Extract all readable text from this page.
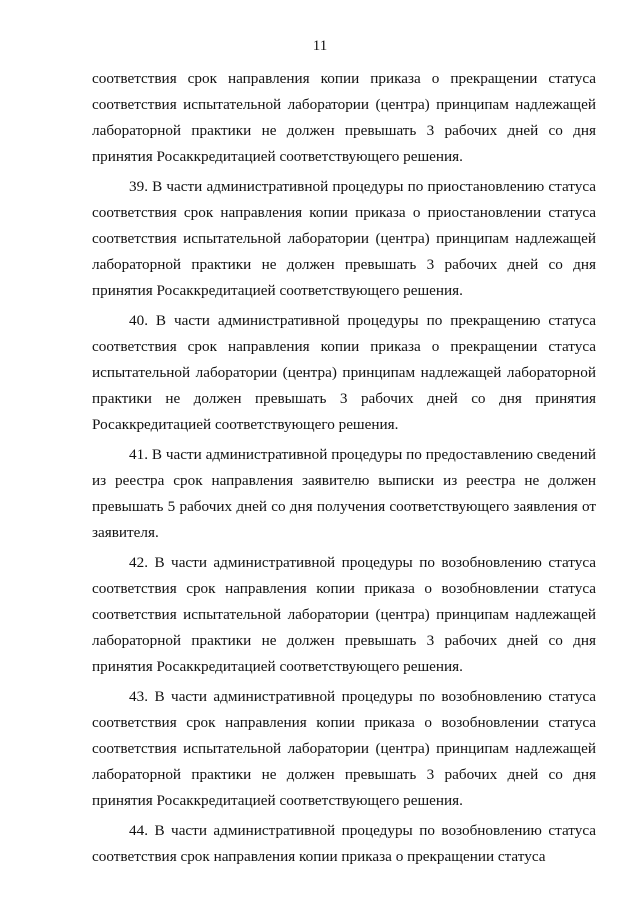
11

соответствия срок направления копии приказа о прекращении статуса соответствия испытательной лаборатории (центра) принципам надлежащей лабораторной практики не должен превышать 3 рабочих дней со дня принятия Росаккредитацией соответствующего решения.

39. В части административной процедуры по приостановлению статуса соответствия срок направления копии приказа о приостановлении статуса соответствия испытательной лаборатории (центра) принципам надлежащей лабораторной практики не должен превышать 3 рабочих дней со дня принятия Росаккредитацией соответствующего решения.

40. В части административной процедуры по прекращению статуса соответствия срок направления копии приказа о прекращении статуса испытательной лаборатории (центра) принципам надлежащей лабораторной практики не должен превышать 3 рабочих дней со дня принятия Росаккредитацией соответствующего решения.

41. В части административной процедуры по предоставлению сведений из реестра срок направления заявителю выписки из реестра не должен превышать 5 рабочих дней со дня получения соответствующего заявления от заявителя.

42. В части административной процедуры по возобновлению статуса соответствия срок направления копии приказа о возобновлении статуса соответствия испытательной лаборатории (центра) принципам надлежащей лабораторной практики не должен превышать 3 рабочих дней со дня принятия Росаккредитацией соответствующего решения.

43. В части административной процедуры по возобновлению статуса соответствия срок направления копии приказа о возобновлении статуса соответствия испытательной лаборатории (центра) принципам надлежащей лабораторной практики не должен превышать 3 рабочих дней со дня принятия Росаккредитацией соответствующего решения.

44. В части административной процедуры по возобновлению статуса соответствия срок направления копии приказа о прекращении статуса
